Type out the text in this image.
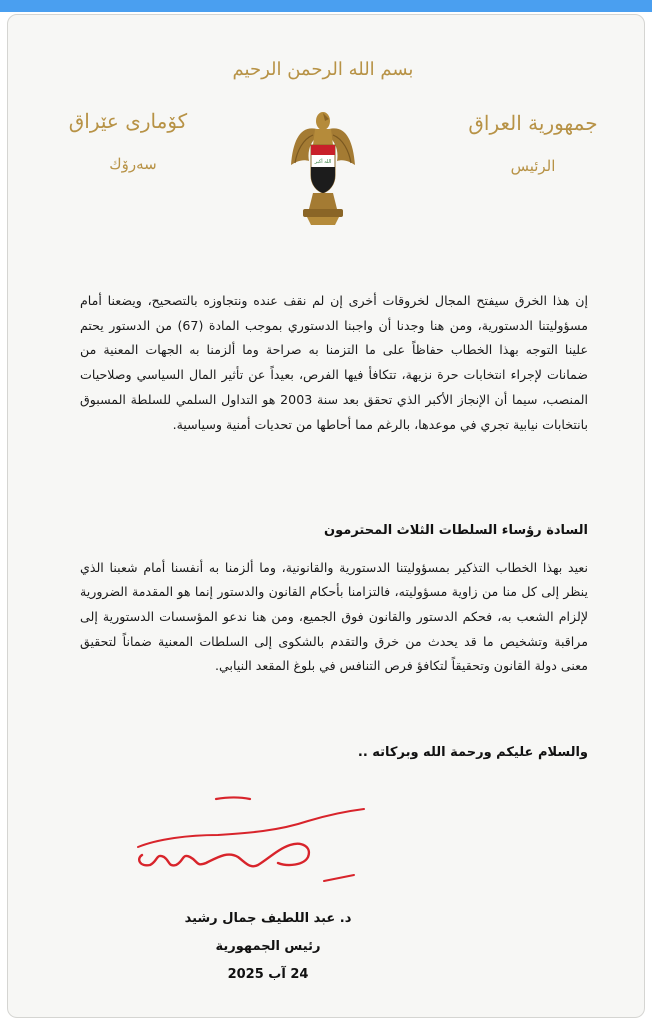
بسم الله الرحمن الرحيم
جمهورية العراق
الرئيس
كۆماری عێراق
سەرۆك	الله أكبر

إن هذا الخرق سيفتح المجال لخروقات أخرى إن لم نقف عنده ونتجاوزه بالتصحيح، ويضعنا أمام مسؤوليتنا الدستورية، ومن هنا وجدنا أن واجبنا الدستوري بموجب المادة (67) من الدستور يحتم علينا التوجه بهذا الخطاب حفاظاً على ما التزمنا به صراحة وما ألزمنا به الجهات المعنية من ضمانات لإجراء انتخابات حرة نزيهة، تتكافأ فيها الفرص، بعيداً عن تأثير المال السياسي وصلاحيات المنصب، سيما أن الإنجاز الأكبر الذي تحقق بعد سنة 2003 هو التداول السلمي للسلطة المسبوق بانتخابات نيابية تجري في موعدها، بالرغم مما أحاطها من تحديات أمنية وسياسية.

السادة رؤساء السلطات الثلاث المحترمون

نعيد بهذا الخطاب التذكير بمسؤوليتنا الدستورية والقانونية، وما ألزمنا به أنفسنا أمام شعبنا الذي ينظر إلى كل منا من زاوية مسؤوليته، فالتزامنا بأحكام القانون والدستور إنما هو المقدمة الضرورية لإلزام الشعب به، فحكم الدستور والقانون فوق الجميع، ومن هنا ندعو المؤسسات الدستورية إلى مراقبة وتشخيص ما قد يحدث من خرق والتقدم بالشكوى إلى السلطات المعنية ضماناً لتحقيق معنى دولة القانون وتحقيقاً لتكافؤ فرص التنافس في بلوغ المقعد النيابي.

والسلام عليكم ورحمة الله وبركاته ..
د. عبد اللطيف جمال رشيد
رئيس الجمهورية
24 آب 2025
